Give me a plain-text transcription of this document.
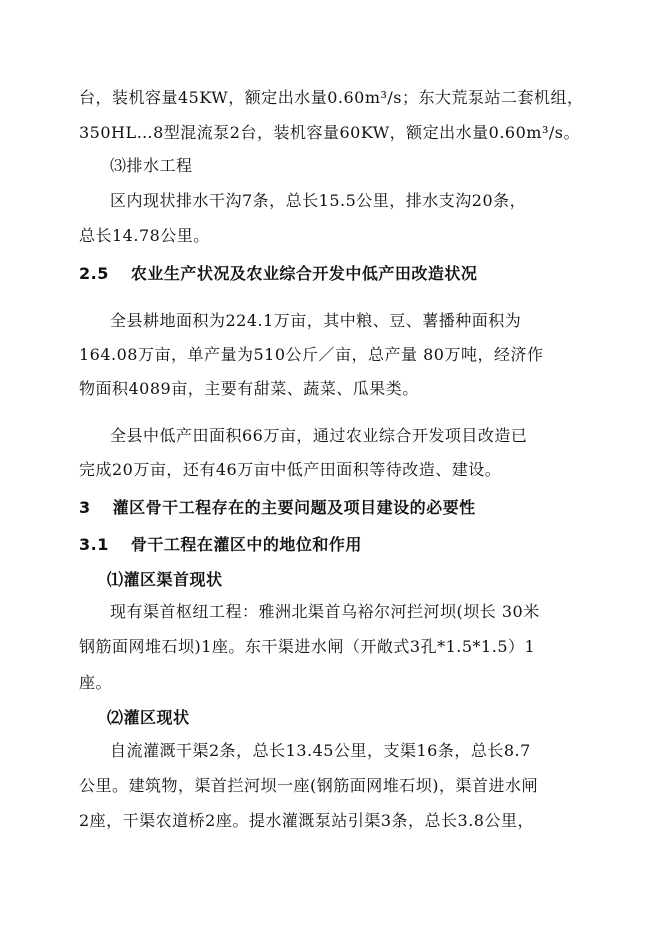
台，装机容量45KW，额定出水量0.60m³/s；东大荒泵站二套机组，
350HL…8型混流泵2台，装机容量60KW，额定出水量0.60m³/s。
⑶排水工程
区内现状排水干沟7条，总长15.5公里，排水支沟20条，
总长14.78公里。
2.5 农业生产状况及农业综合开发中低产田改造状况
全县耕地面积为224.1万亩，其中粮、豆、薯播种面积为
164.08万亩，单产量为510公斤／亩，总产量 80万吨，经济作
物面积4089亩，主要有甜菜、蔬菜、瓜果类。
全县中低产田面积66万亩，通过农业综合开发项目改造已
完成20万亩，还有46万亩中低产田面积等待改造、建设。
3 灌区骨干工程存在的主要问题及项目建设的必要性
3.1 骨干工程在灌区中的地位和作用
⑴灌区渠首现状
现有渠首枢纽工程：雅洲北渠首乌裕尔河拦河坝(坝长 30米
钢筋面网堆石坝)1座。东干渠进水闸（开敞式3孔*1.5*1.5）1
座。
⑵灌区现状
自流灌溉干渠2条，总长13.45公里，支渠16条，总长8.7
公里。建筑物，渠首拦河坝一座(钢筋面网堆石坝)，渠首进水闸
2座，干渠农道桥2座。提水灌溉泵站引渠3条，总长3.8公里，
